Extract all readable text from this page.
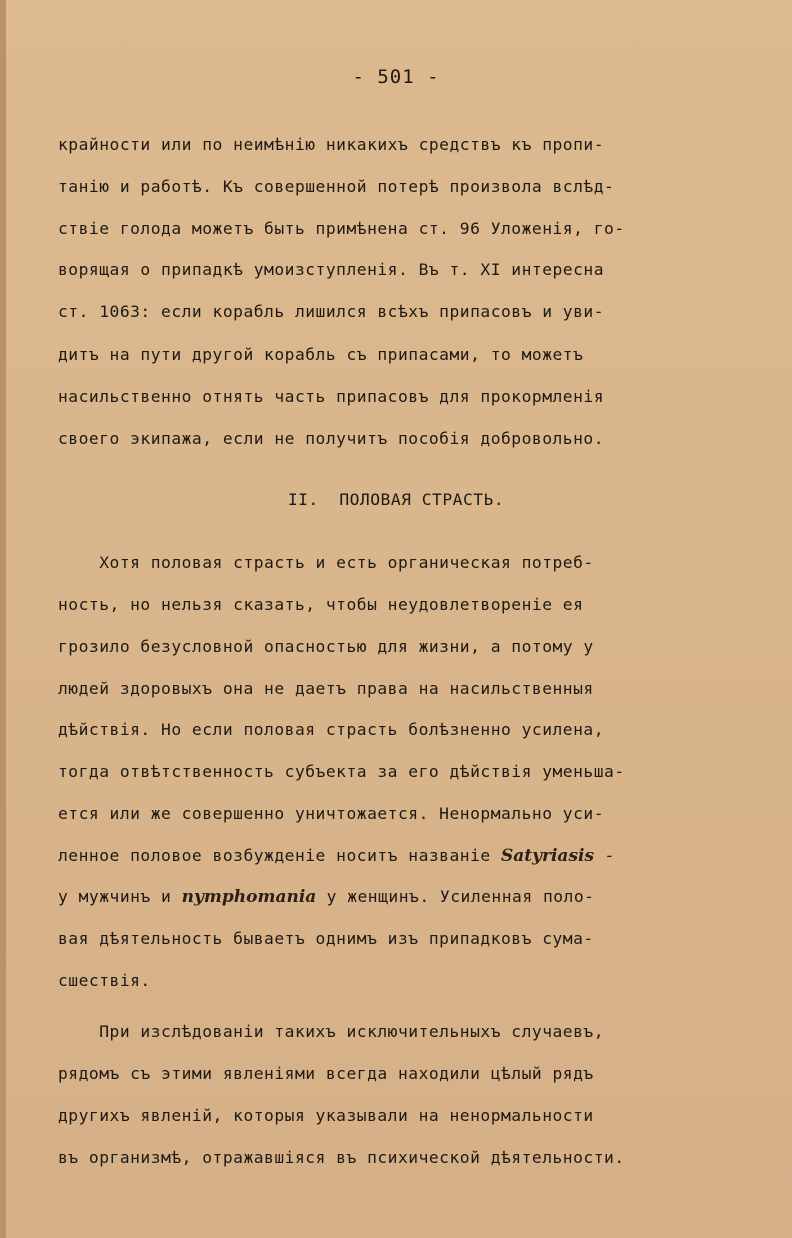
- 501 -
крайности или по неимѣнію никакихъ средствъ къ пропи-
танію и работѣ. Къ совершенной потерѣ произвола вслѣд-
ствіе голода можетъ быть примѣнена ст. 96 Уложенія, го-
ворящая о припадкѣ умоизступленія. Въ т. XI интересна
ст. 1063: если корабль лишился всѣхъ припасовъ и уви-
дитъ на пути другой корабль съ припасами, то можетъ
насильственно отнять часть припасовъ для прокормленія
своего экипажа, если не получитъ пособія добровольно.
II.  ПОЛОВАЯ СТРАСТЬ.
Хотя половая страсть и есть органическая потреб-
ность, но нельзя сказать, чтобы неудовлетвореніе ея
грозило безусловной опасностью для жизни, а потому у
людей здоровыхъ она не даетъ права на насильственныя
дѣйствія. Но если половая страсть болѣзненно усилена,
тогда отвѣтственность субъекта за его дѣйствія уменьша-
ется или же совершенно уничтожается. Ненормально уси-
ленное половое возбужденіе носитъ названіе Satyriasis -
у мужчинъ и nymphomania у женщинъ. Усиленная поло-
вая дѣятельность бываетъ однимъ изъ припадковъ сума-
сшествія.
При изслѣдованіи такихъ исключительныхъ случаевъ,
рядомъ съ этими явленіями всегда находили цѣлый рядъ
другихъ явленій, которыя указывали на ненормальности
въ организмѣ, отражавшіяся въ психической дѣятельности.
